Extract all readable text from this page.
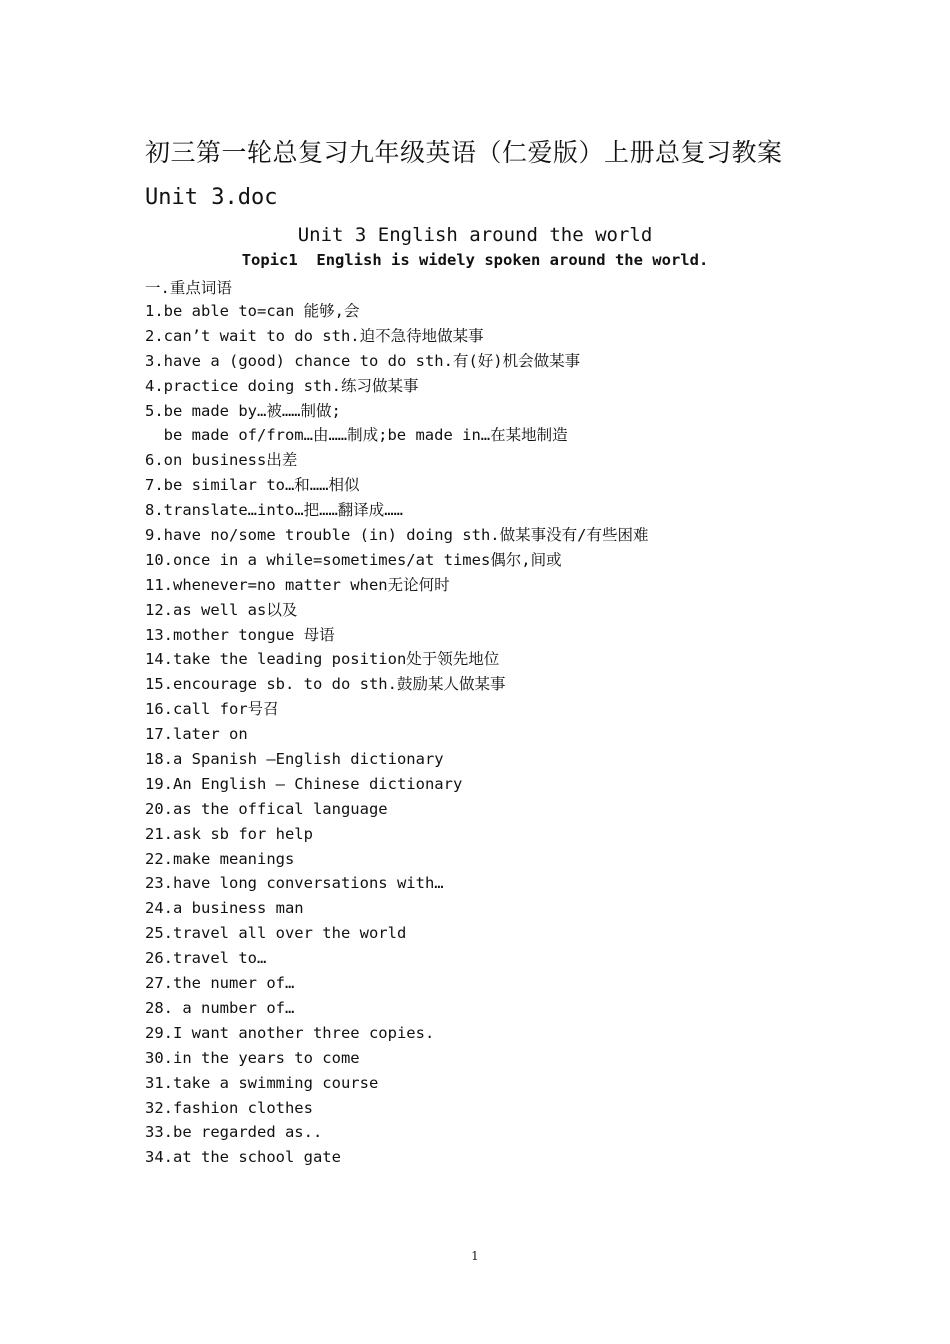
初三第一轮总复习九年级英语（仁爱版）上册总复习教案
Unit 3.doc
Unit 3 English around the world
Topic1  English is widely spoken around the world.
一.重点词语
1.be able to=can 能够,会
2.can’t wait to do sth.迫不急待地做某事
3.have a (good) chance to do sth.有(好)机会做某事
4.practice doing sth.练习做某事
5.be made by…被……制做;
be made of/from…由……制成;be made in…在某地制造
6.on business出差
7.be similar to…和……相似
8.translate…into…把……翻译成……
9.have no/some trouble (in) doing sth.做某事没有/有些困难
10.once in a while=sometimes/at times偶尔,间或
11.whenever=no matter when无论何时
12.as well as以及
13.mother tongue 母语
14.take the leading position处于领先地位
15.encourage sb. to do sth.鼓励某人做某事
16.call for号召
17.later on
18.a Spanish –English dictionary
19.An English – Chinese dictionary
20.as the offical language
21.ask sb for help
22.make meanings
23.have long conversations with…
24.a business man
25.travel all over the world
26.travel to…
27.the numer of…
28. a number of…
29.I want another three copies.
30.in the years to come
31.take a swimming course
32.fashion clothes
33.be regarded as..
34.at the school gate
1
